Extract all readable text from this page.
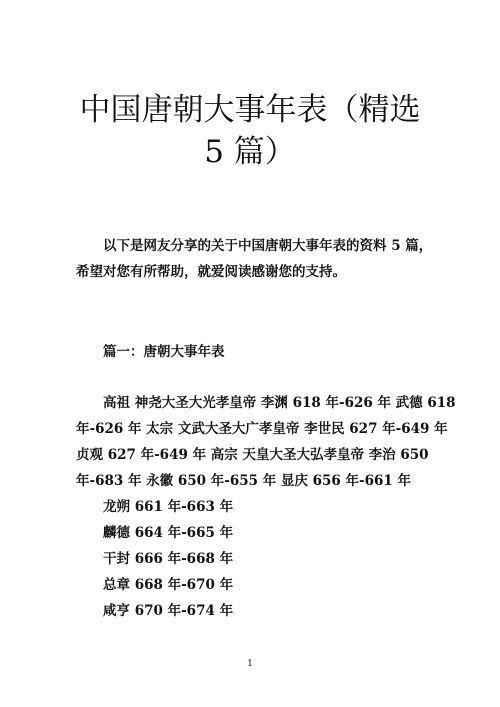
中国唐朝大事年表（精选
5 篇）

以下是网友分享的关于中国唐朝大事年表的资料 5 篇，

希望对您有所帮助，就爱阅读感谢您的支持。

篇一：唐朝大事年表

高祖 神尧大圣大光孝皇帝 李渊 618 年-626 年 武德 618

年-626 年 太宗 文武大圣大广孝皇帝 李世民 627 年-649 年

贞观 627 年-649 年 高宗 天皇大圣大弘孝皇帝 李治 650

年-683 年 永徽 650 年-655 年 显庆 656 年-661 年

龙朔 661 年-663 年

麟德 664 年-665 年

干封 666 年-668 年

总章 668 年-670 年

咸亨 670 年-674 年

1
